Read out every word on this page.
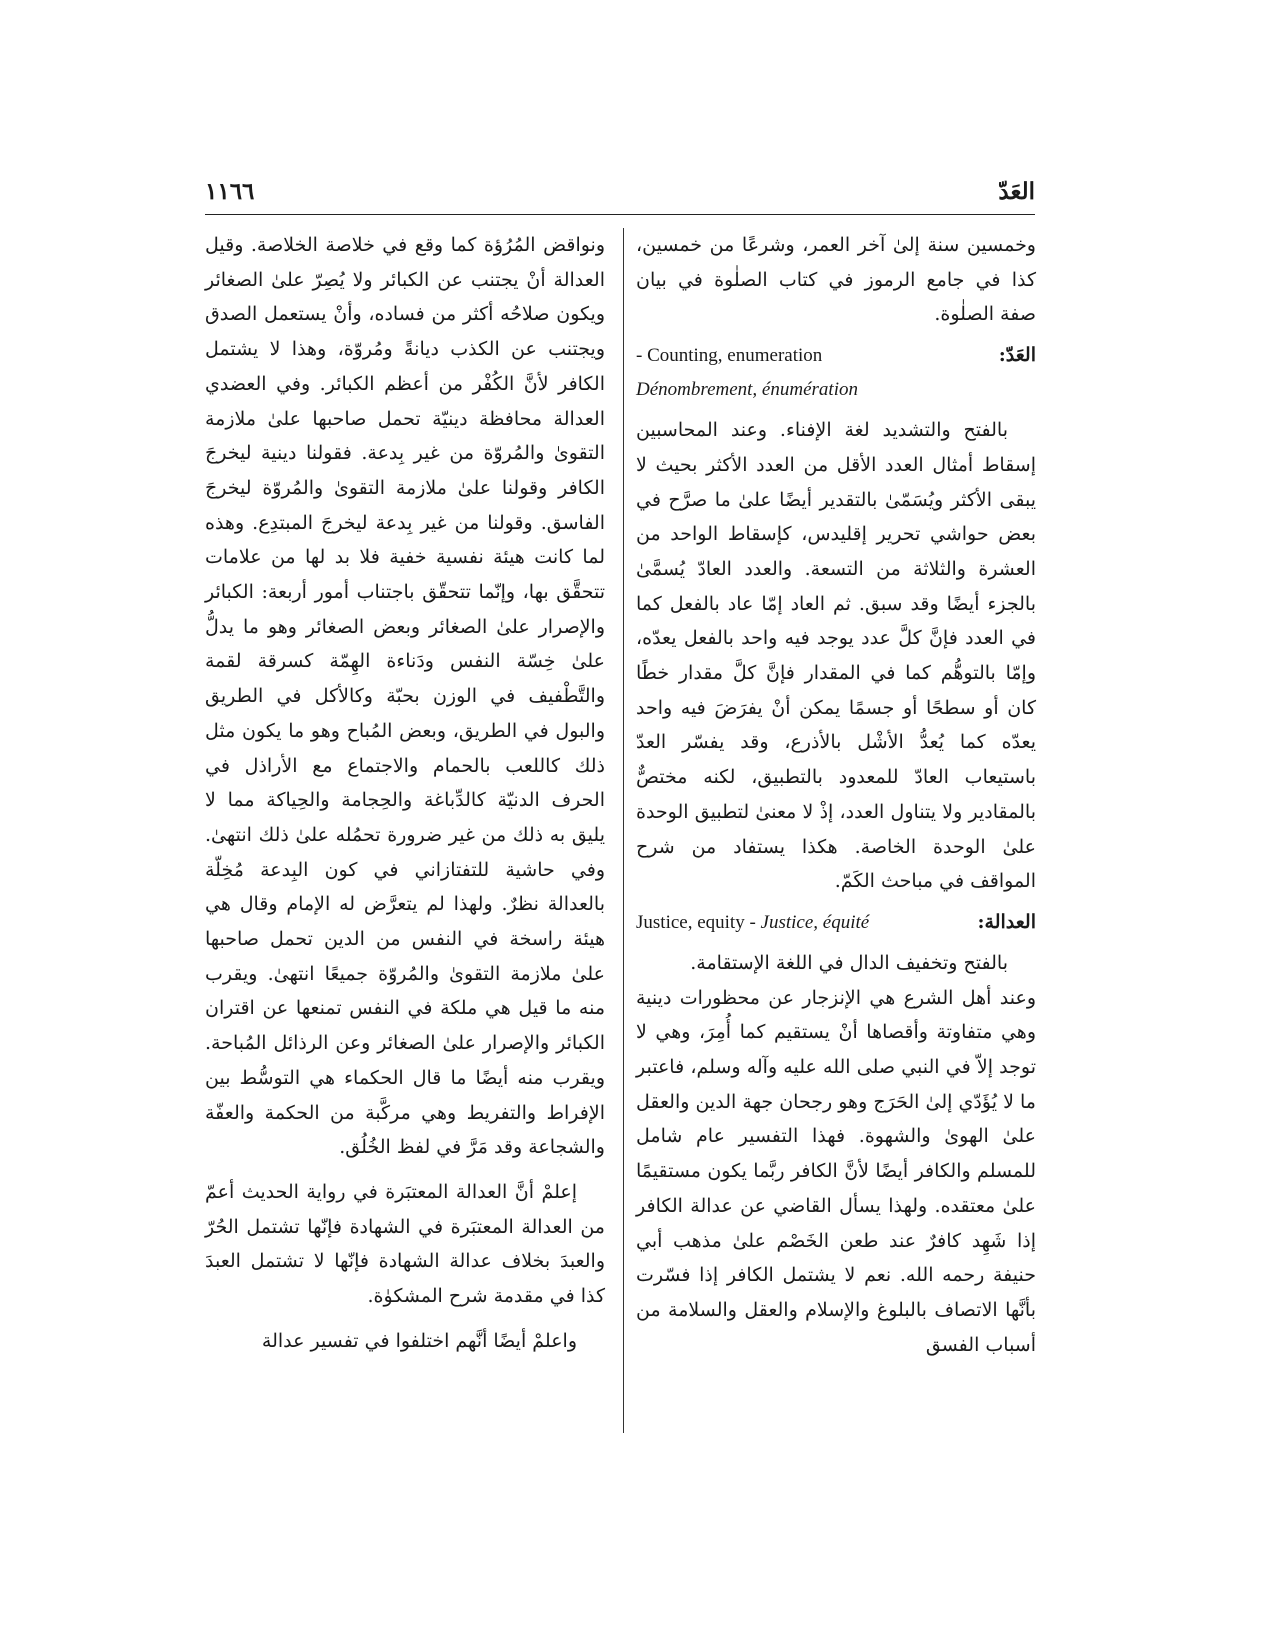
العَدّ
١١٦٦

وخمسين سنة إلىٰ آخر العمر، وشرعًا من خمسين، كذا في جامع الرموز في كتاب الصلٰوة في بيان صفة الصلٰوة.

العَدّ:
- Counting, enumeration
Dénombrement, énumération

بالفتح والتشديد لغة الإفناء. وعند المحاسبين إسقاط أمثال العدد الأقل من العدد الأكثر بحيث لا يبقى الأكثر ويُسَمّىٰ بالتقدير أيضًا علىٰ ما صرَّح في بعض حواشي تحرير إقليدس، كإسقاط الواحد من العشرة والثلاثة من التسعة. والعدد العادّ يُسمَّىٰ بالجزء أيضًا وقد سبق. ثم العاد إمّا عاد بالفعل كما في العدد فإنَّ كلَّ عدد يوجد فيه واحد بالفعل يعدّه، وإمّا بالتوهُّم كما في المقدار فإنَّ كلَّ مقدار خطًا كان أو سطحًا أو جسمًا يمكن أنْ يفرَضَ فيه واحد يعدّه كما يُعدُّ الأشْل بالأذرع، وقد يفسّر العدّ باستيعاب العادّ للمعدود بالتطبيق، لكنه مختصٌّ بالمقادير ولا يتناول العدد، إذْ لا معنىٰ لتطبيق الوحدة علىٰ الوحدة الخاصة. هكذا يستفاد من شرح المواقف في مباحث الكَمّ.

العدالة:
Justice, equity - Justice, équité

بالفتح وتخفيف الدال في اللغة الإستقامة.

وعند أهل الشرع هي الإنزجار عن محظورات دينية وهي متفاوتة وأقصاها أنْ يستقيم كما أُمِرَ، وهي لا توجد إلاّ في النبي صلى الله عليه وآله وسلم، فاعتبر ما لا يُؤَدّي إلىٰ الحَرَج وهو رجحان جهة الدين والعقل علىٰ الهوىٰ والشهوة. فهذا التفسير عام شامل للمسلم والكافر أيضًا لأنَّ الكافر ربَّما يكون مستقيمًا علىٰ معتقده. ولهذا يسأل القاضي عن عدالة الكافر إذا شَهِد كافرٌ عند طعن الخَصْم علىٰ مذهب أبي حنيفة رحمه الله. نعم لا يشتمل الكافر إذا فسّرت بأنَّها الاتصاف بالبلوغ والإسلام والعقل والسلامة من أسباب الفسق

ونواقض المُرُؤة كما وقع في خلاصة الخلاصة. وقيل العدالة أنْ يجتنب عن الكبائر ولا يُصِرّ علىٰ الصغائر ويكون صلاحُه أكثر من فساده، وأنْ يستعمل الصدق ويجتنب عن الكذب ديانةً ومُروّة، وهذا لا يشتمل الكافر لأنَّ الكُفْر من أعظم الكبائر. وفي العضدي العدالة محافظة دينيّة تحمل صاحبها علىٰ ملازمة التقوىٰ والمُروّة من غير بِدعة. فقولنا دينية ليخرجَ الكافر وقولنا علىٰ ملازمة التقوىٰ والمُروّة ليخرجَ الفاسق. وقولنا من غير بِدعة ليخرجَ المبتدِع. وهذه لما كانت هيئة نفسية خفية فلا بد لها من علامات تتحقَّق بها، وإنّما تتحقّق باجتناب أمور أربعة: الكبائر والإصرار علىٰ الصغائر وبعض الصغائر وهو ما يدلُّ علىٰ خِسّة النفس ودَناءة الهِمّة كسرقة لقمة والتَّطْفيف في الوزن بحبّة وكالأكل في الطريق والبول في الطريق، وبعض المُباح وهو ما يكون مثل ذلك كاللعب بالحمام والاجتماع مع الأراذل في الحرف الدنيّة كالدِّباغة والحِجامة والحِياكة مما لا يليق به ذلك من غير ضرورة تحمُله علىٰ ذلك انتهىٰ. وفي حاشية للتفتازاني في كون البِدعة مُخِلّة بالعدالة نظرٌ. ولهذا لم يتعرَّض له الإمام وقال هي هيئة راسخة في النفس من الدين تحمل صاحبها علىٰ ملازمة التقوىٰ والمُروّة جميعًا انتهىٰ. ويقرب منه ما قيل هي ملكة في النفس تمنعها عن اقتران الكبائر والإصرار علىٰ الصغائر وعن الرذائل المُباحة. ويقرب منه أيضًا ما قال الحكماء هي التوسُّط بين الإفراط والتفريط وهي مركَّبة من الحكمة والعفّة والشجاعة وقد مَرَّ في لفظ الخُلُق.

إعلمْ أنَّ العدالة المعتبَرة في رواية الحديث أعمّ من العدالة المعتبَرة في الشهادة فإنّها تشتمل الحُرّ والعبدَ بخلاف عدالة الشهادة فإنّها لا تشتمل العبدَ كذا في مقدمة شرح المشكوٰة.

واعلمْ أيضًا أنَّهم اختلفوا في تفسير عدالة
